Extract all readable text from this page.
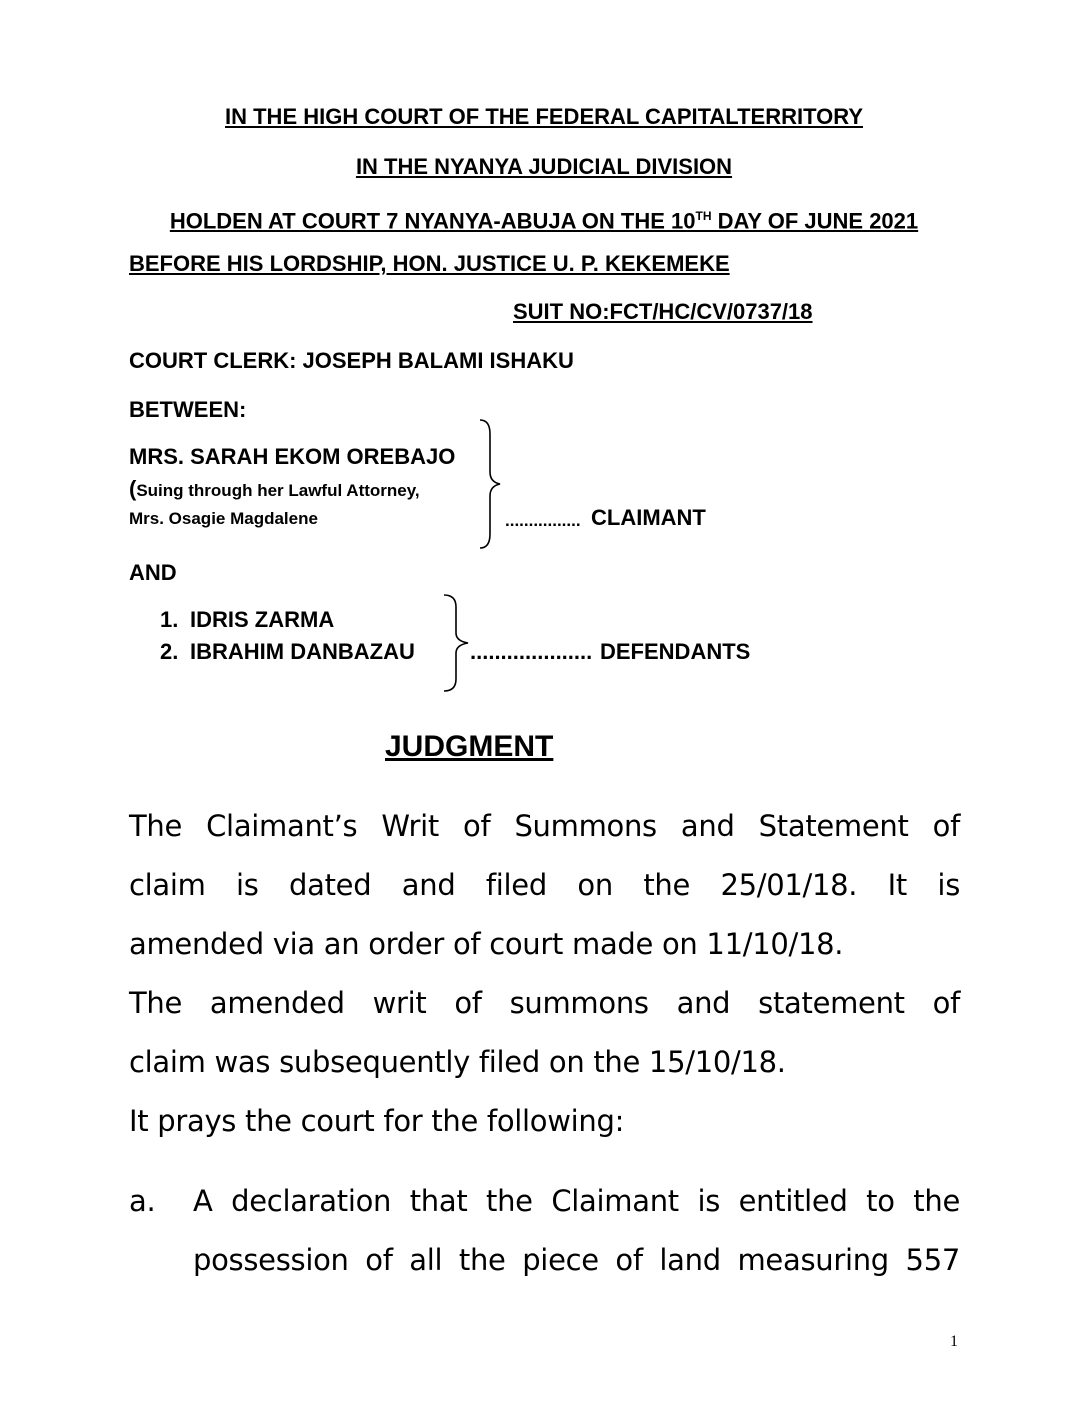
IN THE HIGH COURT OF THE FEDERAL CAPITALTERRITORY
IN THE NYANYA JUDICIAL DIVISION
HOLDEN AT COURT 7 NYANYA-ABUJA ON THE 10TH DAY OF JUNE 2021
BEFORE HIS LORDSHIP, HON. JUSTICE U. P. KEKEMEKE
SUIT NO:FCT/HC/CV/0737/18
COURT CLERK: JOSEPH BALAMI ISHAKU
BETWEEN:
MRS. SARAH EKOM OREBAJO
(Suing through her Lawful Attorney,
Mrs. Osagie Magdalene	................ CLAIMANT
AND
1. IDRIS ZARMA
2. IBRAHIM DANBAZAU	.................... DEFENDANTS
JUDGMENT
The Claimant’s Writ of Summons and Statement of
claim is dated and filed on the 25/01/18. It is
amended via an order of court made on 11/10/18.
The amended writ of summons and statement of
claim was subsequently filed on the 15/10/18.
It prays the court for the following:
a.	A declaration that the Claimant is entitled to the
possession of all the piece of land measuring 557
1
